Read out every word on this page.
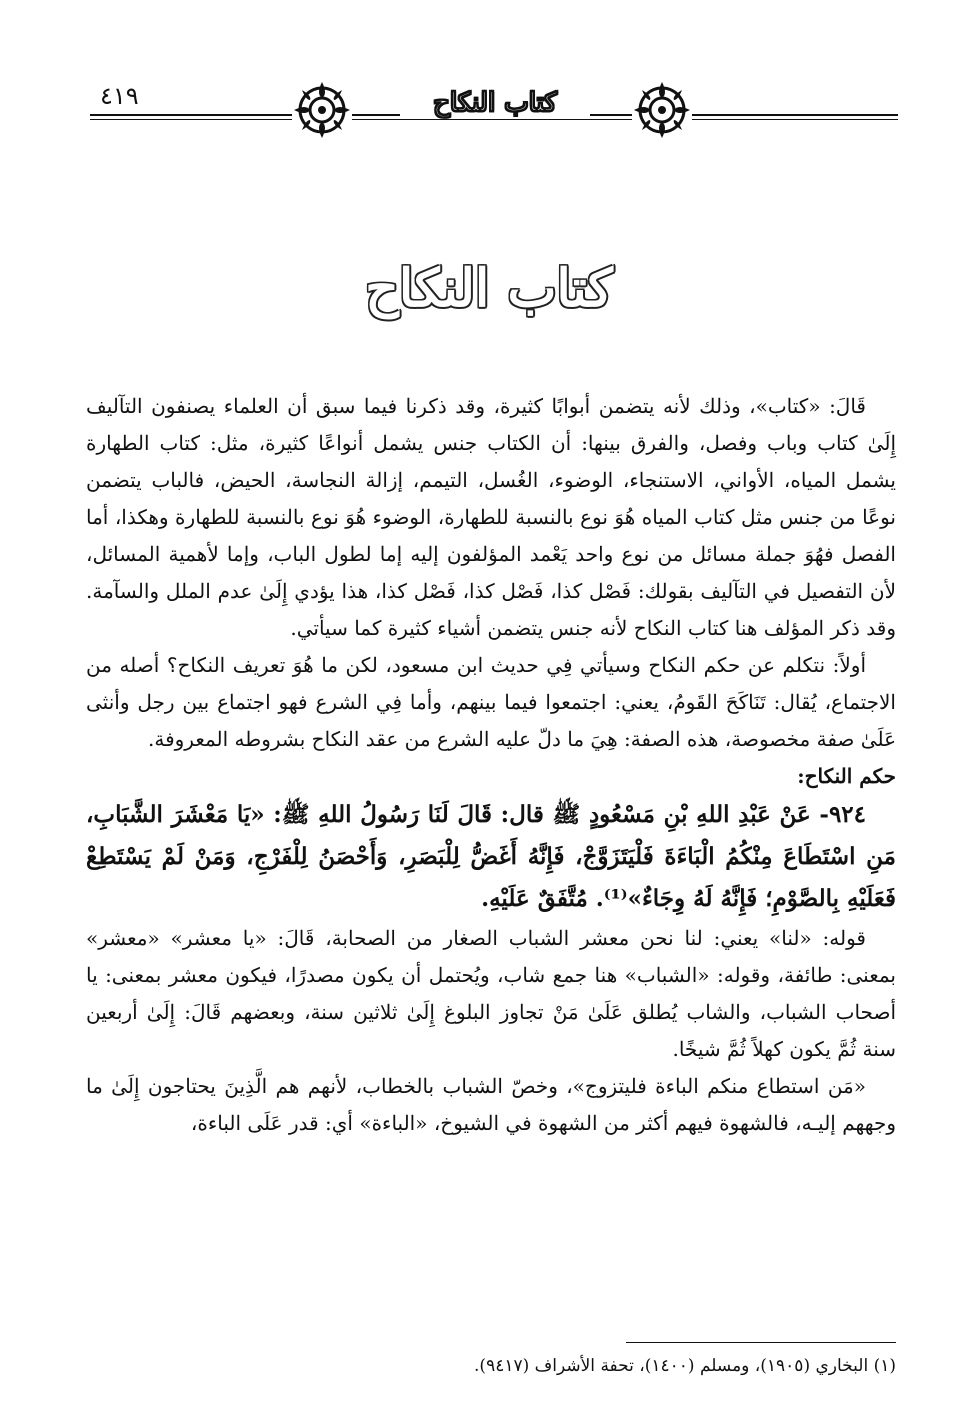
٤١٩	كتاب النكاح
كتاب النكاح

قَالَ: «كتاب»، وذلك لأنه يتضمن أبوابًا كثيرة، وقد ذكرنا فيما سبق أن العلماء يصنفون التآليف إِلَىٰ كتاب وباب وفصل، والفرق بينها: أن الكتاب جنس يشمل أنواعًا كثيرة، مثل: كتاب الطهارة يشمل المياه، الأواني، الاستنجاء، الوضوء، الغُسل، التيمم، إزالة النجاسة، الحيض، فالباب يتضمن نوعًا من جنس مثل كتاب المياه هُوَ نوع بالنسبة للطهارة، الوضوء هُوَ نوع بالنسبة للطهارة وهكذا، أما الفصل فهُوَ جملة مسائل من نوع واحد يَعْمد المؤلفون إليه إما لطول الباب، وإما لأهمية المسائل، لأن التفصيل في التآليف بقولك: فَصْل كذا، فَصْل كذا، فَصْل كذا، هذا يؤدي إِلَىٰ عدم الملل والسآمة. وقد ذكر المؤلف هنا كتاب النكاح لأنه جنس يتضمن أشياء كثيرة كما سيأتي.

أولاً: نتكلم عن حكم النكاح وسيأتي فِي حديث ابن مسعود، لكن ما هُوَ تعريف النكاح؟ أصله من الاجتماع، يُقال: تَنَاكَحَ القَومُ، يعني: اجتمعوا فيما بينهم، وأما فِي الشرع فهو اجتماع بين رجل وأنثى عَلَىٰ صفة مخصوصة، هذه الصفة: هِيَ ما دلّ عليه الشرع من عقد النكاح بشروطه المعروفة.

حكم النكاح:

٩٢٤- عَنْ عَبْدِ اللهِ بْنِ مَسْعُودٍ ﷺ قال: قَالَ لَنَا رَسُولُ اللهِ ﷺ: «يَا مَعْشَرَ الشَّبَابِ، مَنِ اسْتَطَاعَ مِنْكُمُ الْبَاءَةَ فَلْيَتَزَوَّجْ، فَإِنَّهُ أَغَضُّ لِلْبَصَرِ، وَأَحْصَنُ لِلْفَرْجِ، وَمَنْ لَمْ يَسْتَطِعْ فَعَلَيْهِ بِالصَّوْمِ؛ فَإِنَّهُ لَهُ وِجَاءٌ»⁽¹⁾. مُتَّفَقٌ عَلَيْهِ.

قوله: «لنا» يعني: لنا نحن معشر الشباب الصغار من الصحابة، قَالَ: «يا معشر» «معشر» بمعنى: طائفة، وقوله: «الشباب» هنا جمع شاب، ويُحتمل أن يكون مصدرًا، فيكون معشر بمعنى: يا أصحاب الشباب، والشاب يُطلق عَلَىٰ مَنْ تجاوز البلوغ إِلَىٰ ثلاثين سنة، وبعضهم قَالَ: إِلَىٰ أربعين سنة ثُمَّ يكون كهلاً ثُمَّ شيخًا.

«مَن استطاع منكم الباءة فليتزوج»، وخصّ الشباب بالخطاب، لأنهم هم الَّذِينَ يحتاجون إِلَىٰ ما وجههم إليـه، فالشهوة فيهم أكثر من الشهوة في الشيوخ، «الباءة» أي: قدر عَلَى الباءة،

(١) البخاري (١٩٠٥)، ومسلم (١٤٠٠)، تحفة الأشراف (٩٤١٧).
